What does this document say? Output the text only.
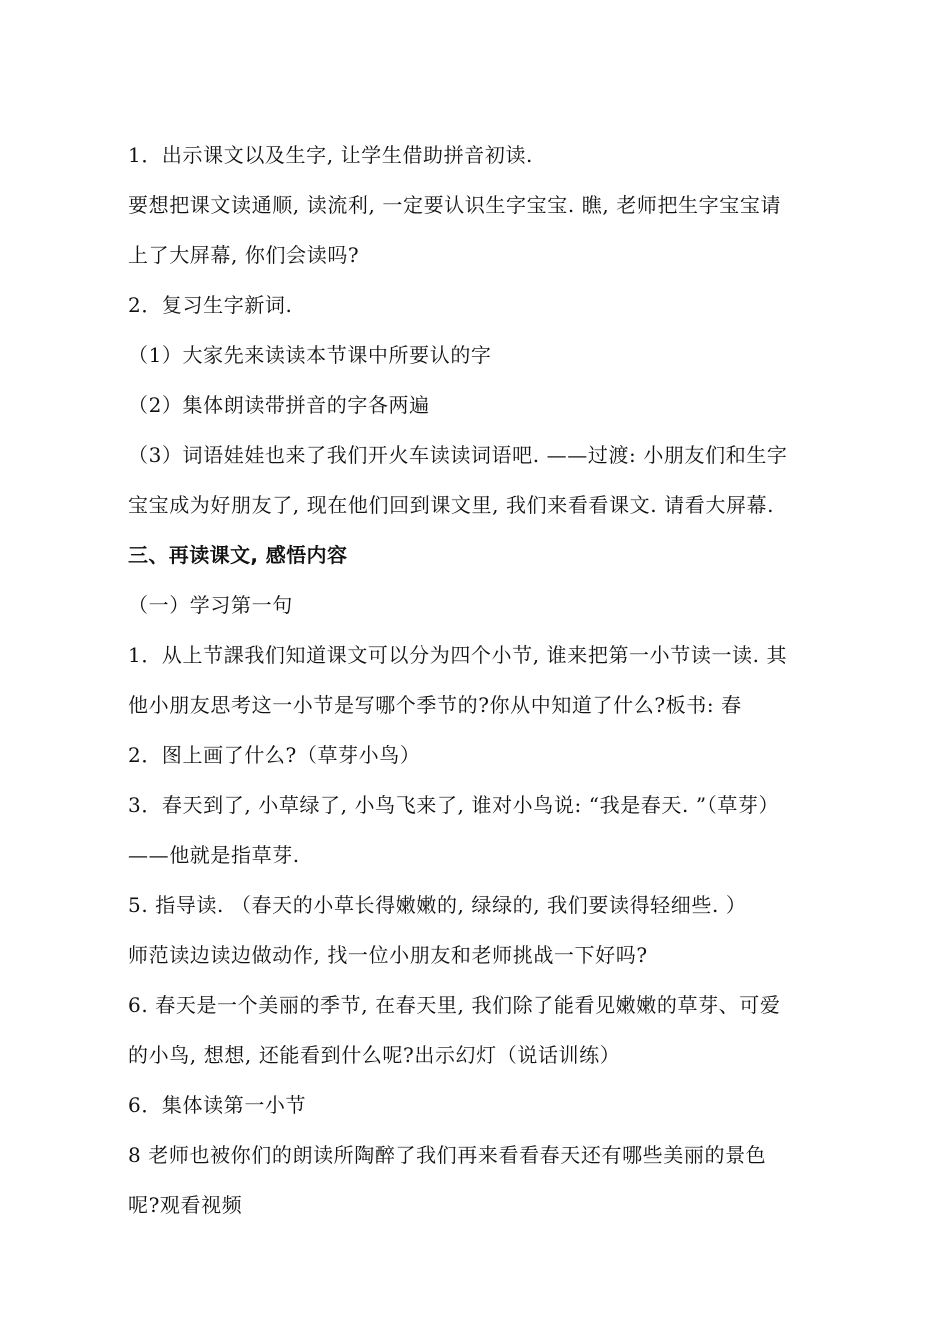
1．出示课文以及生字, 让学生借助拼音初读.
要想把课文读通顺, 读流利, 一定要认识生字宝宝. 瞧, 老师把生字宝宝请
上了大屏幕, 你们会读吗?
2．复习生字新词.
（1）大家先来读读本节课中所要认的字
（2）集体朗读带拼音的字各两遍
（3）词语娃娃也来了我们开火车读读词语吧. ——过渡: 小朋友们和生字
宝宝成为好朋友了, 现在他们回到课文里, 我们来看看课文. 请看大屏幕.
三、再读课文, 感悟内容
（一）学习第一句
1．从上节課我们知道课文可以分为四个小节, 谁来把第一小节读一读. 其
他小朋友思考这一小节是写哪个季节的?你从中知道了什么?板书: 春
2．图上画了什么?（草芽小鸟）
3．春天到了, 小草绿了, 小鸟飞来了, 谁对小鸟说: “我是春天. ”（草芽）
——他就是指草芽.
5. 指导读. （春天的小草长得嫩嫩的, 绿绿的, 我们要读得轻细些. ）
师范读边读边做动作, 找一位小朋友和老师挑战一下好吗?
6. 春天是一个美丽的季节, 在春天里, 我们除了能看见嫩嫩的草芽、可爱
的小鸟, 想想, 还能看到什么呢?出示幻灯（说话训练）
6．集体读第一小节
8 老师也被你们的朗读所陶醉了我们再来看看春天还有哪些美丽的景色
呢?观看视频
